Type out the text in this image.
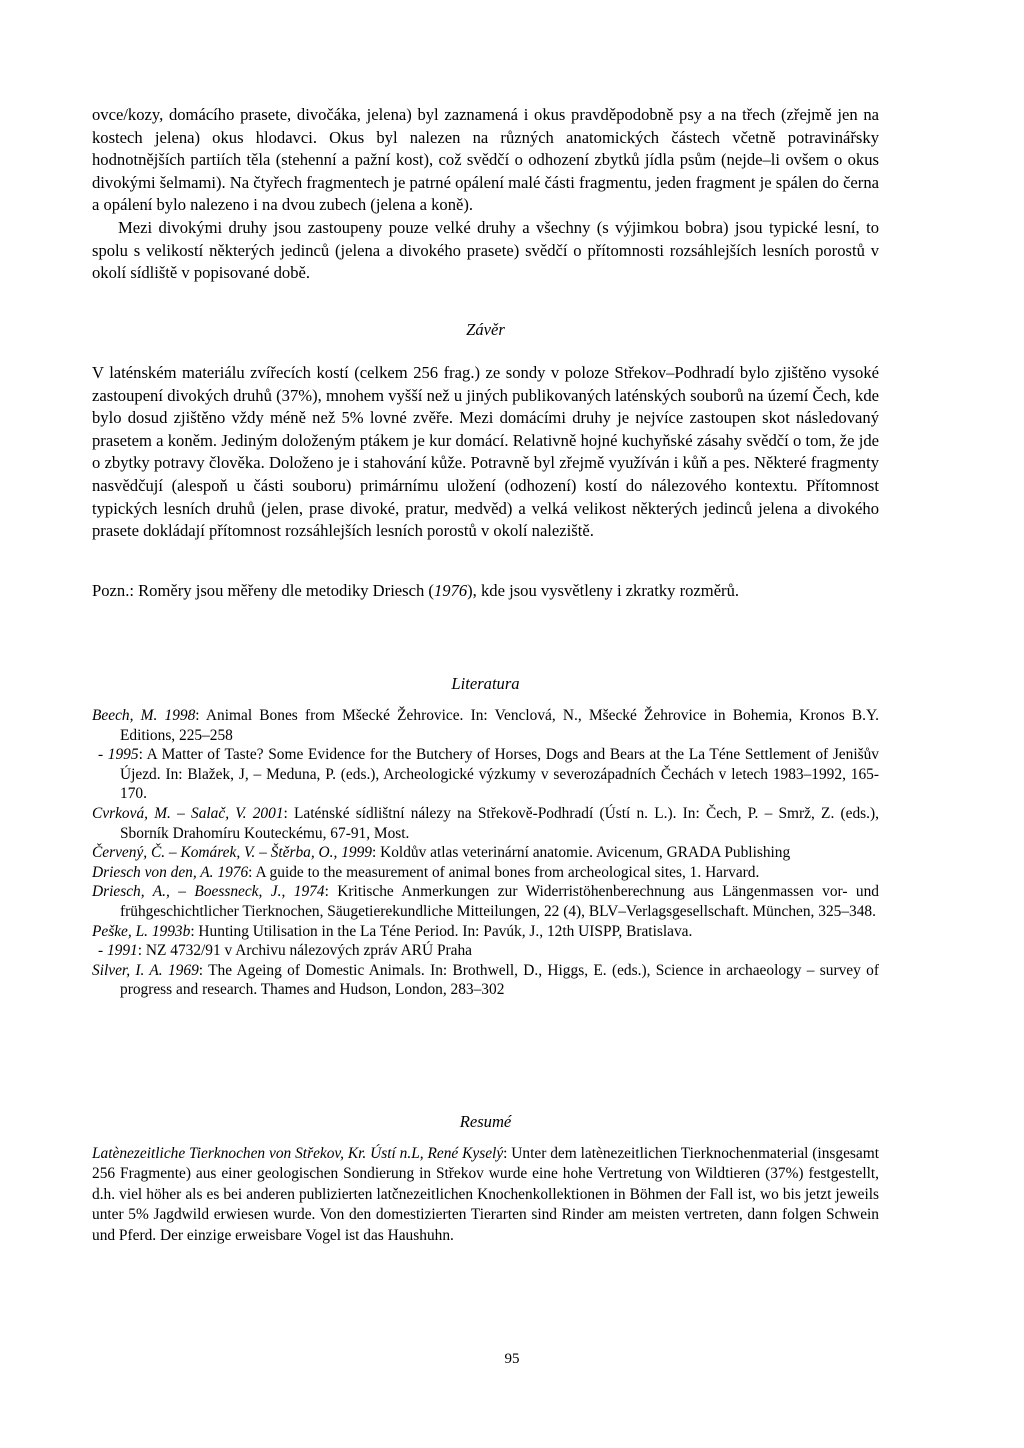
ovce/kozy, domácího prasete, divočáka, jelena) byl zaznamená i okus pravděpodobně psy a na třech (zřejmě jen na kostech jelena) okus hlodavci. Okus byl nalezen na různých anatomických částech včetně potravinářsky hodnotnějších partiích těla (stehenní a pažní kost), což svědčí o odhození zbytků jídla psům (nejde–li ovšem o okus divokými šelmami). Na čtyřech fragmentech je patrné opálení malé části fragmentu, jeden fragment je spálen do černa a opálení bylo nalezeno i na dvou zubech (jelena a koně).

Mezi divokými druhy jsou zastoupeny pouze velké druhy a všechny (s výjimkou bobra) jsou typické lesní, to spolu s velikostí některých jedinců (jelena a divokého prasete) svědčí o přítomnosti rozsáhlejších lesních porostů v okolí sídliště v popisované době.

Závěr

V laténském materiálu zvířecích kostí (celkem 256 frag.) ze sondy v poloze Střekov–Podhradí bylo zjištěno vysoké zastoupení divokých druhů (37%), mnohem vyšší než u jiných publikovaných laténských souborů na území Čech, kde bylo dosud zjištěno vždy méně než 5% lovné zvěře. Mezi domácími druhy je nejvíce zastoupen skot následovaný prasetem a koněm. Jediným doloženým ptákem je kur domácí. Relativně hojné kuchyňské zásahy svědčí o tom, že jde o zbytky potravy člověka. Doloženo je i stahování kůže. Potravně byl zřejmě využíván i kůň a pes. Některé fragmenty nasvědčují (alespoň u části souboru) primárnímu uložení (odhození) kostí do nálezového kontextu. Přítomnost typických lesních druhů (jelen, prase divoké, pratur, medvěd) a velká velikost některých jedinců jelena a divokého prasete dokládají přítomnost rozsáhlejších lesních porostů v okolí naleziště.

Pozn.: Roměry jsou měřeny dle metodiky Driesch (1976), kde jsou vysvětleny i zkratky rozměrů.

Literatura

Beech, M. 1998: Animal Bones from Mšecké Žehrovice. In: Venclová, N., Mšecké Žehrovice in Bohemia, Kronos B.Y. Editions, 225–258

- 1995: A Matter of Taste? Some Evidence for the Butchery of Horses, Dogs and Bears at the La Téne Settlement of Jenišův Újezd. In: Blažek, J, – Meduna, P. (eds.), Archeologické výzkumy v severozápadních Čechách v letech 1983–1992, 165-170.

Cvrková, M. – Salač, V. 2001: Laténské sídlištní nálezy na Střekově-Podhradí (Ústí n. L.). In: Čech, P. – Smrž, Z. (eds.), Sborník Drahomíru Kouteckému, 67-91, Most.

Červený, Č. – Komárek, V. – Štěrba, O., 1999: Koldův atlas veterinární anatomie. Avicenum, GRADA Publishing

Driesch von den, A. 1976: A guide to the measurement of animal bones from archeological sites, 1. Harvard.

Driesch, A., – Boessneck, J., 1974: Kritische Anmerkungen zur Widerristöhenberechnung aus Längenmassen vor- und frühgeschichtlicher Tierknochen, Säugetierekundliche Mitteilungen, 22 (4), BLV–Verlagsgesellschaft. München, 325–348.

Peške, L. 1993b: Hunting Utilisation in the La Téne Period. In: Pavúk, J., 12th UISPP, Bratislava.

- 1991: NZ 4732/91 v Archivu nálezových zpráv ARÚ Praha

Silver, I. A. 1969: The Ageing of Domestic Animals. In: Brothwell, D., Higgs, E. (eds.), Science in archaeology – survey of progress and research. Thames and Hudson, London, 283–302

Resumé

Latènezeitliche Tierknochen von Střekov, Kr. Ústí n.L, René Kyselý: Unter dem latènezeitlichen Tierknochenmaterial (insgesamt 256 Fragmente) aus einer geologischen Sondierung in Střekov wurde eine hohe Vertretung von Wildtieren (37%) festgestellt, d.h. viel höher als es bei anderen publizierten latčnezeitlichen Knochenkollektionen in Böhmen der Fall ist, wo bis jetzt jeweils unter 5% Jagdwild erwiesen wurde. Von den domestizierten Tierarten sind Rinder am meisten vertreten, dann folgen Schwein und Pferd. Der einzige erweisbare Vogel ist das Haushuhn.

95
